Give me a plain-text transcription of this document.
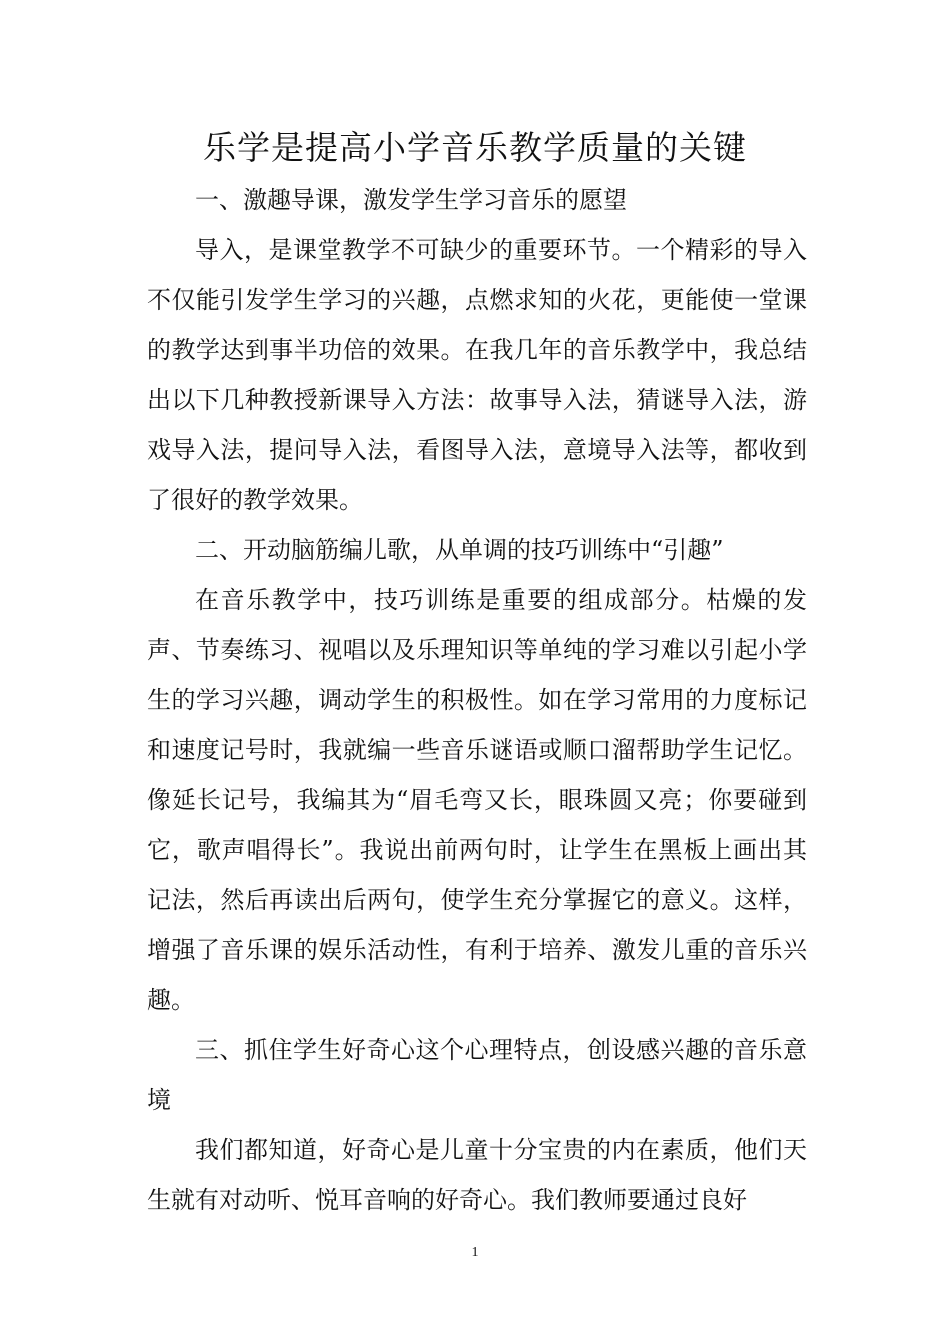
乐学是提高小学音乐教学质量的关键

一、激趣导课，激发学生学习音乐的愿望

导入，是课堂教学不可缺少的重要环节。一个精彩的导入不仅能引发学生学习的兴趣，点燃求知的火花，更能使一堂课的教学达到事半功倍的效果。在我几年的音乐教学中，我总结出以下几种教授新课导入方法：故事导入法，猜谜导入法，游戏导入法，提问导入法，看图导入法，意境导入法等，都收到了很好的教学效果。

二、开动脑筋编儿歌，从单调的技巧训练中“引趣”

在音乐教学中，技巧训练是重要的组成部分。枯燥的发声、节奏练习、视唱以及乐理知识等单纯的学习难以引起小学生的学习兴趣，调动学生的积极性。如在学习常用的力度标记和速度记号时，我就编一些音乐谜语或顺口溜帮助学生记忆。像延长记号，我编其为“眉毛弯又长，眼珠圆又亮；你要碰到它，歌声唱得长”。我说出前两句时，让学生在黑板上画出其记法，然后再读出后两句，使学生充分掌握它的意义。这样，增强了音乐课的娱乐活动性，有利于培养、激发儿重的音乐兴趣。

三、抓住学生好奇心这个心理特点，创设感兴趣的音乐意境

我们都知道，好奇心是儿童十分宝贵的内在素质，他们天生就有对动听、悦耳音响的好奇心。我们教师要通过良好

1
